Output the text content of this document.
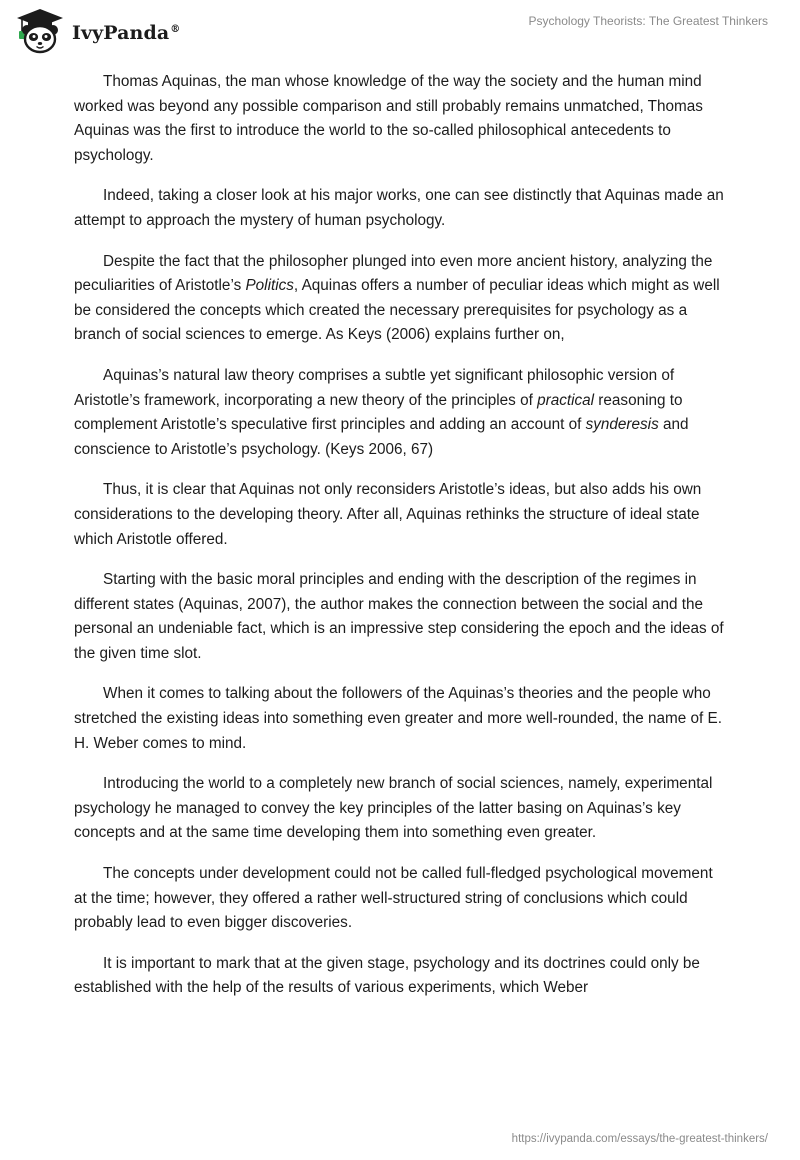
IvyPanda®
Psychology Theorists: The Greatest Thinkers

Thomas Aquinas, the man whose knowledge of the way the society and the human mind worked was beyond any possible comparison and still probably remains unmatched, Thomas Aquinas was the first to introduce the world to the so-called philosophical antecedents to psychology.

Indeed, taking a closer look at his major works, one can see distinctly that Aquinas made an attempt to approach the mystery of human psychology.

Despite the fact that the philosopher plunged into even more ancient history, analyzing the peculiarities of Aristotle’s Politics, Aquinas offers a number of peculiar ideas which might as well be considered the concepts which created the necessary prerequisites for psychology as a branch of social sciences to emerge. As Keys (2006) explains further on,

Aquinas’s natural law theory comprises a subtle yet significant philosophic version of Aristotle’s framework, incorporating a new theory of the principles of practical reasoning to complement Aristotle’s speculative first principles and adding an account of synderesis and conscience to Aristotle’s psychology. (Keys 2006, 67)

Thus, it is clear that Aquinas not only reconsiders Aristotle’s ideas, but also adds his own considerations to the developing theory. After all, Aquinas rethinks the structure of ideal state which Aristotle offered.

Starting with the basic moral principles and ending with the description of the regimes in different states (Aquinas, 2007), the author makes the connection between the social and the personal an undeniable fact, which is an impressive step considering the epoch and the ideas of the given time slot.

When it comes to talking about the followers of the Aquinas’s theories and the people who stretched the existing ideas into something even greater and more well-rounded, the name of E. H. Weber comes to mind.

Introducing the world to a completely new branch of social sciences, namely, experimental psychology he managed to convey the key principles of the latter basing on Aquinas’s key concepts and at the same time developing them into something even greater.

The concepts under development could not be called full-fledged psychological movement at the time; however, they offered a rather well-structured string of conclusions which could probably lead to even bigger discoveries.

It is important to mark that at the given stage, psychology and its doctrines could only be established with the help of the results of various experiments, which Weber

https://ivypanda.com/essays/the-greatest-thinkers/
